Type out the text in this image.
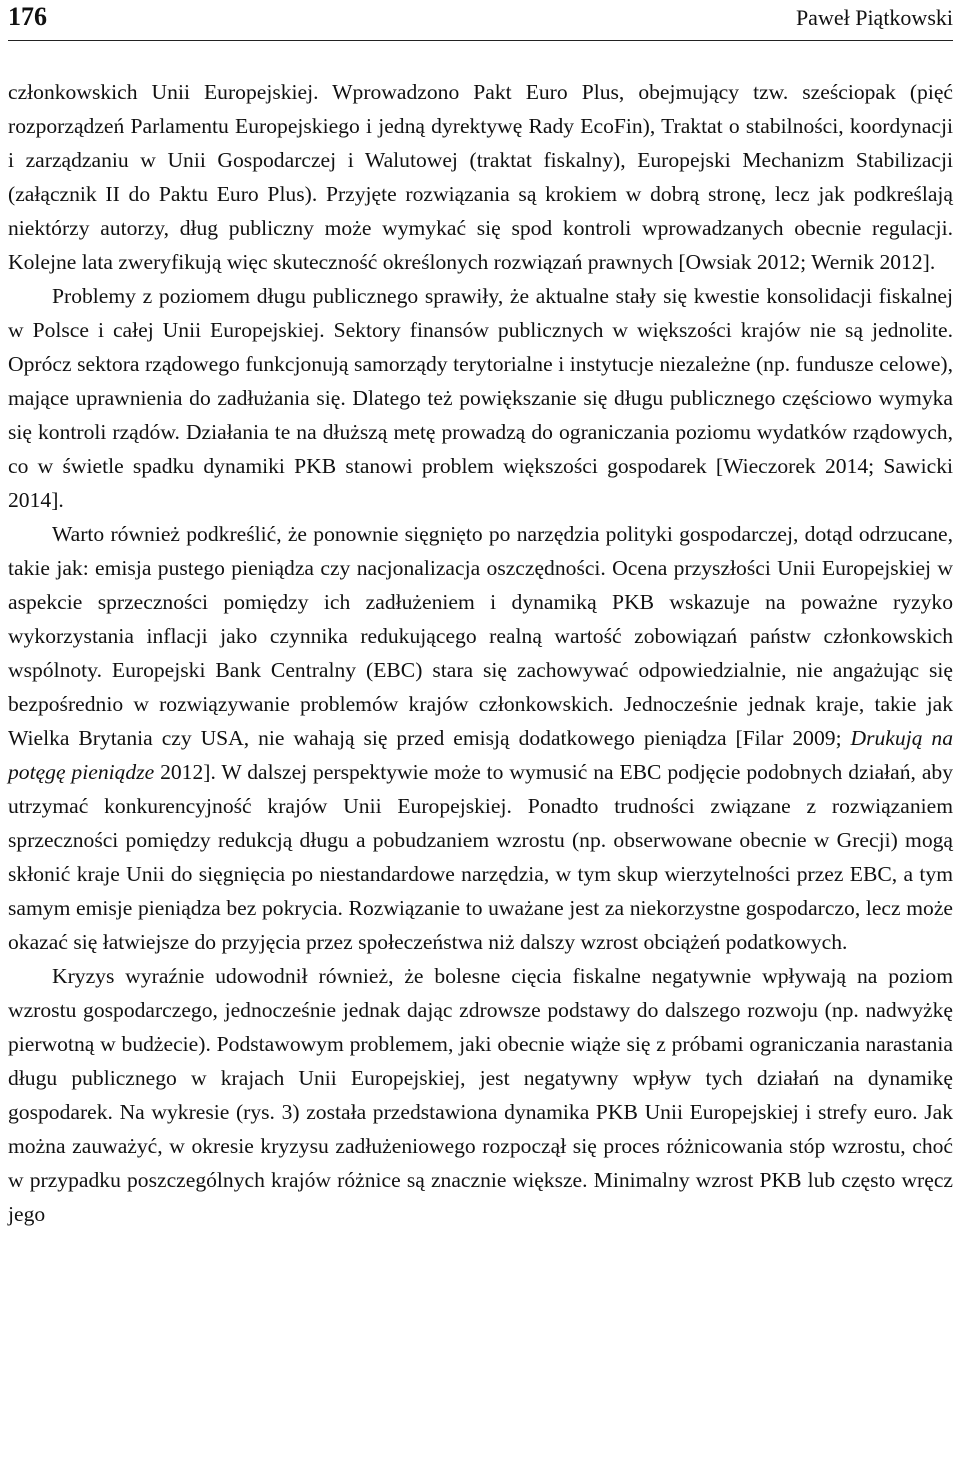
176	Paweł Piątkowski

członkowskich Unii Europejskiej. Wprowadzono Pakt Euro Plus, obejmujący tzw. sześciopak (pięć rozporządzeń Parlamentu Europejskiego i jedną dyrektywę Rady EcoFin), Traktat o stabilności, koordynacji i zarządzaniu w Unii Gospodarczej i Walutowej (traktat fiskalny), Europejski Mechanizm Stabilizacji (załącznik II do Paktu Euro Plus). Przyjęte rozwiązania są krokiem w dobrą stronę, lecz jak podkreślają niektórzy autorzy, dług publiczny może wymykać się spod kontroli wprowadzanych obecnie regulacji. Kolejne lata zweryfikują więc skuteczność określonych rozwiązań prawnych [Owsiak 2012; Wernik 2012].

Problemy z poziomem długu publicznego sprawiły, że aktualne stały się kwestie konsolidacji fiskalnej w Polsce i całej Unii Europejskiej. Sektory finansów publicznych w większości krajów nie są jednolite. Oprócz sektora rządowego funkcjonują samorządy terytorialne i instytucje niezależne (np. fundusze celowe), mające uprawnienia do zadłużania się. Dlatego też powiększanie się długu publicznego częściowo wymyka się kontroli rządów. Działania te na dłuższą metę prowadzą do ograniczania poziomu wydatków rządowych, co w świetle spadku dynamiki PKB stanowi problem większości gospodarek [Wieczorek 2014; Sawicki 2014].

Warto również podkreślić, że ponownie sięgnięto po narzędzia polityki gospodarczej, dotąd odrzucane, takie jak: emisja pustego pieniądza czy nacjonalizacja oszczędności. Ocena przyszłości Unii Europejskiej w aspekcie sprzeczności pomiędzy ich zadłużeniem i dynamiką PKB wskazuje na poważne ryzyko wykorzystania inflacji jako czynnika redukującego realną wartość zobowiązań państw członkowskich wspólnoty. Europejski Bank Centralny (EBC) stara się zachowywać odpowiedzialnie, nie angażując się bezpośrednio w rozwiązywanie problemów krajów członkowskich. Jednocześnie jednak kraje, takie jak Wielka Brytania czy USA, nie wahają się przed emisją dodatkowego pieniądza [Filar 2009; Drukują na potęgę pieniądze 2012]. W dalszej perspektywie może to wymusić na EBC podjęcie podobnych działań, aby utrzymać konkurencyjność krajów Unii Europejskiej. Ponadto trudności związane z rozwiązaniem sprzeczności pomiędzy redukcją długu a pobudzaniem wzrostu (np. obserwowane obecnie w Grecji) mogą skłonić kraje Unii do sięgnięcia po niestandardowe narzędzia, w tym skup wierzytelności przez EBC, a tym samym emisje pieniądza bez pokrycia. Rozwiązanie to uważane jest za niekorzystne gospodarczo, lecz może okazać się łatwiejsze do przyjęcia przez społeczeństwa niż dalszy wzrost obciążeń podatkowych.

Kryzys wyraźnie udowodnił również, że bolesne cięcia fiskalne negatywnie wpływają na poziom wzrostu gospodarczego, jednocześnie jednak dając zdrowsze podstawy do dalszego rozwoju (np. nadwyżkę pierwotną w budżecie). Podstawowym problemem, jaki obecnie wiąże się z próbami ograniczania narastania długu publicznego w krajach Unii Europejskiej, jest negatywny wpływ tych działań na dynamikę gospodarek. Na wykresie (rys. 3) została przedstawiona dynamika PKB Unii Europejskiej i strefy euro. Jak można zauważyć, w okresie kryzysu zadłużeniowego rozpoczął się proces różnicowania stóp wzrostu, choć w przypadku poszczególnych krajów różnice są znacznie większe. Minimalny wzrost PKB lub często wręcz jego
